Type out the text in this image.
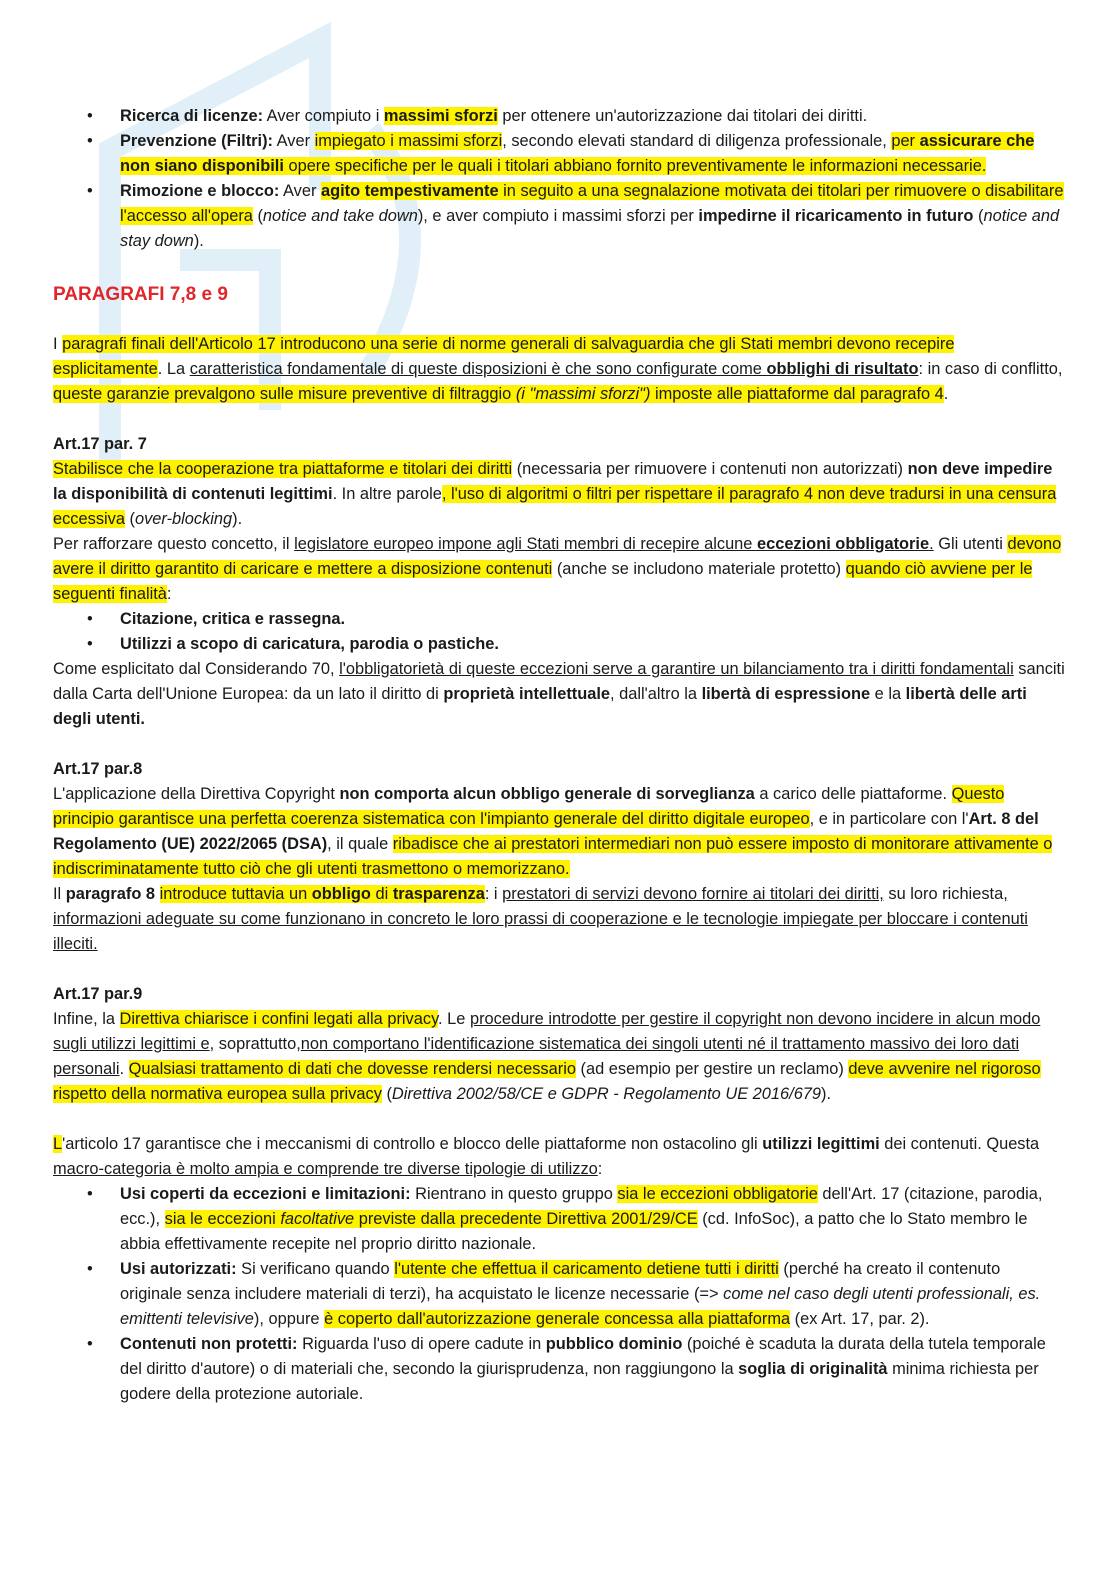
• Ricerca di licenze: Aver compiuto i massimi sforzi per ottenere un'autorizzazione dai titolari dei diritti.
• Prevenzione (Filtri): Aver impiegato i massimi sforzi, secondo elevati standard di diligenza professionale, per assicurare che non siano disponibili opere specifiche per le quali i titolari abbiano fornito preventivamente le informazioni necessarie.
• Rimozione e blocco: Aver agito tempestivamente in seguito a una segnalazione motivata dei titolari per rimuovere o disabilitare l'accesso all'opera (notice and take down), e aver compiuto i massimi sforzi per impedirne il ricaricamento in futuro (notice and stay down).
PARAGRAFI 7,8 e 9

I paragrafi finali dell'Articolo 17 introducono una serie di norme generali di salvaguardia che gli Stati membri devono recepire esplicitamente. La caratteristica fondamentale di queste disposizioni è che sono configurate come obblighi di risultato: in caso di conflitto, queste garanzie prevalgono sulle misure preventive di filtraggio (i "massimi sforzi") imposte alle piattaforme dal paragrafo 4.

Art.17 par. 7

Stabilisce che la cooperazione tra piattaforme e titolari dei diritti (necessaria per rimuovere i contenuti non autorizzati) non deve impedire la disponibilità di contenuti legittimi. In altre parole, l'uso di algoritmi o filtri per rispettare il paragrafo 4 non deve tradursi in una censura eccessiva (over-blocking).

Per rafforzare questo concetto, il legislatore europeo impone agli Stati membri di recepire alcune eccezioni obbligatorie. Gli utenti devono avere il diritto garantito di caricare e mettere a disposizione contenuti (anche se includono materiale protetto) quando ciò avviene per le seguenti finalità:

• Citazione, critica e rassegna.
• Utilizzi a scopo di caricatura, parodia o pastiche.

Come esplicitato dal Considerando 70, l'obbligatorietà di queste eccezioni serve a garantire un bilanciamento tra i diritti fondamentali sanciti dalla Carta dell'Unione Europea: da un lato il diritto di proprietà intellettuale, dall'altro la libertà di espressione e la libertà delle arti degli utenti.

Art.17 par.8

L'applicazione della Direttiva Copyright non comporta alcun obbligo generale di sorveglianza a carico delle piattaforme. Questo principio garantisce una perfetta coerenza sistematica con l'impianto generale del diritto digitale europeo, e in particolare con l'Art. 8 del Regolamento (UE) 2022/2065 (DSA), il quale ribadisce che ai prestatori intermediari non può essere imposto di monitorare attivamente o indiscriminatamente tutto ciò che gli utenti trasmettono o memorizzano.

Il paragrafo 8 introduce tuttavia un obbligo di trasparenza: i prestatori di servizi devono fornire ai titolari dei diritti, su loro richiesta, informazioni adeguate su come funzionano in concreto le loro prassi di cooperazione e le tecnologie impiegate per bloccare i contenuti illeciti.

Art.17 par.9

Infine, la Direttiva chiarisce i confini legati alla privacy. Le procedure introdotte per gestire il copyright non devono incidere in alcun modo sugli utilizzi legittimi e, soprattutto,non comportano l'identificazione sistematica dei singoli utenti né il trattamento massivo dei loro dati personali. Qualsiasi trattamento di dati che dovesse rendersi necessario (ad esempio per gestire un reclamo) deve avvenire nel rigoroso rispetto della normativa europea sulla privacy (Direttiva 2002/58/CE e GDPR - Regolamento UE 2016/679).

L'articolo 17 garantisce che i meccanismi di controllo e blocco delle piattaforme non ostacolino gli utilizzi legittimi dei contenuti. Questa macro-categoria è molto ampia e comprende tre diverse tipologie di utilizzo:

• Usi coperti da eccezioni e limitazioni: Rientrano in questo gruppo sia le eccezioni obbligatorie dell'Art. 17 (citazione, parodia, ecc.), sia le eccezioni facoltative previste dalla precedente Direttiva 2001/29/CE (cd. InfoSoc), a patto che lo Stato membro le abbia effettivamente recepite nel proprio diritto nazionale.
• Usi autorizzati: Si verificano quando l'utente che effettua il caricamento detiene tutti i diritti (perché ha creato il contenuto originale senza includere materiali di terzi), ha acquistato le licenze necessarie (=> come nel caso degli utenti professionali, es. emittenti televisive), oppure è coperto dall'autorizzazione generale concessa alla piattaforma (ex Art. 17, par. 2).
• Contenuti non protetti: Riguarda l'uso di opere cadute in pubblico dominio (poiché è scaduta la durata della tutela temporale del diritto d'autore) o di materiali che, secondo la giurisprudenza, non raggiungono la soglia di originalità minima richiesta per godere della protezione autoriale.
